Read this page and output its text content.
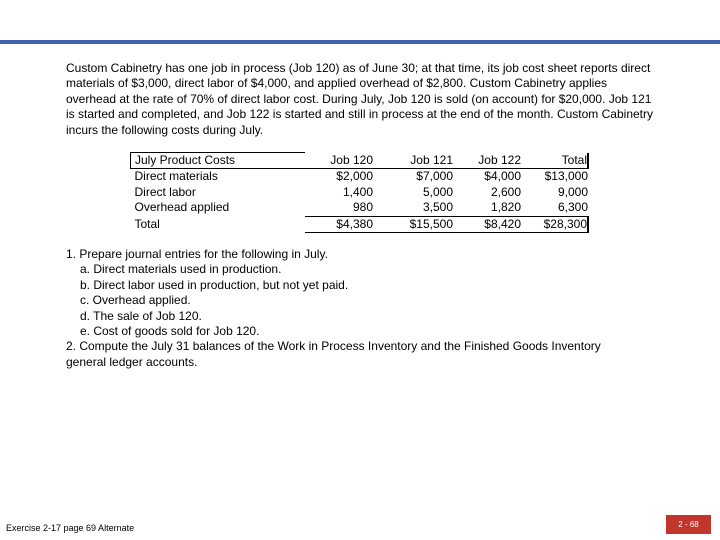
Custom Cabinetry has one job in process (Job 120) as of June 30; at that time, its job cost sheet reports direct

materials of $3,000, direct labor of $4,000, and applied overhead of $2,800. Custom Cabinetry applies

overhead at the rate of 70% of direct labor cost. During July, Job 120 is sold (on account) for $20,000. Job 121

is started and completed, and Job 122 is started and still in process at the end of the month. Custom Cabinetry

incurs the following costs during July.

July Product Costs	Job 120	Job 121	Job 122	Total
Direct materials	$2,000	$7,000	$4,000	$13,000
Direct labor	1,400	5,000	2,600	9,000
Overhead applied	980	3,500	1,820	6,300
Total	$4,380	$15,500	$8,420	$28,300
1. Prepare journal entries for the following in July.
a. Direct materials used in production.
b. Direct labor used in production, but not yet paid.
c. Overhead applied.
d. The sale of Job 120.
e. Cost of goods sold for Job 120.
2. Compute the July 31 balances of the Work in Process Inventory and the Finished Goods Inventory
general ledger accounts.
Exercise 2-17 page 69 Alternate	2 - 68
